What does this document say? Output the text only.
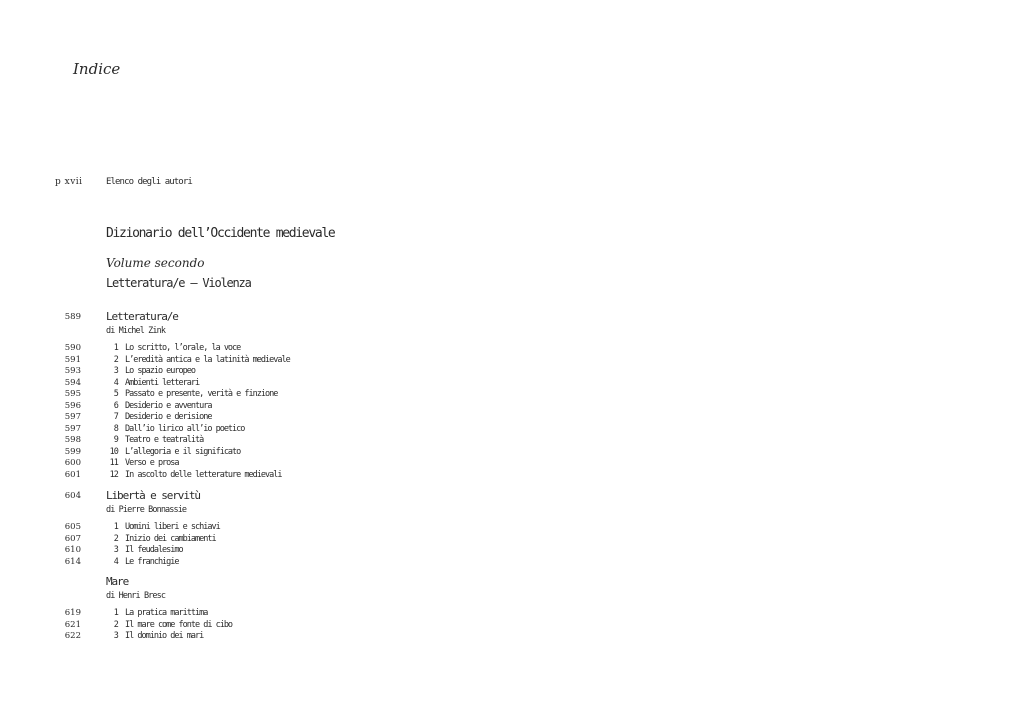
Indice
p xvii	Elenco degli autori
Dizionario dell’Occidente medievale
Volume secondo
Letteratura/e – Violenza
589 Letteratura/e
di Michel Zink
590	1 Lo scritto, l’orale, la voce
591	2 L’eredità antica e la latinità medievale
593	3 Lo spazio europeo
594	4 Ambienti letterari
595	5 Passato e presente, verità e finzione
596	6 Desiderio e avventura
597	7 Desiderio e derisione
597	8 Dall’io lirico all’io poetico
598	9 Teatro e teatralità
599	10 L’allegoria e il significato
600	11 Verso e prosa
601	12 In ascolto delle letterature medievali
604 Libertà e servitù
di Pierre Bonnassie
605	1 Uomini liberi e schiavi
607	2 Inizio dei cambiamenti
610	3 Il feudalesimo
614	4 Le franchigie
Mare
di Henri Bresc
619	1 La pratica marittima
621	2 Il mare come fonte di cibo
622	3 Il dominio dei mari
